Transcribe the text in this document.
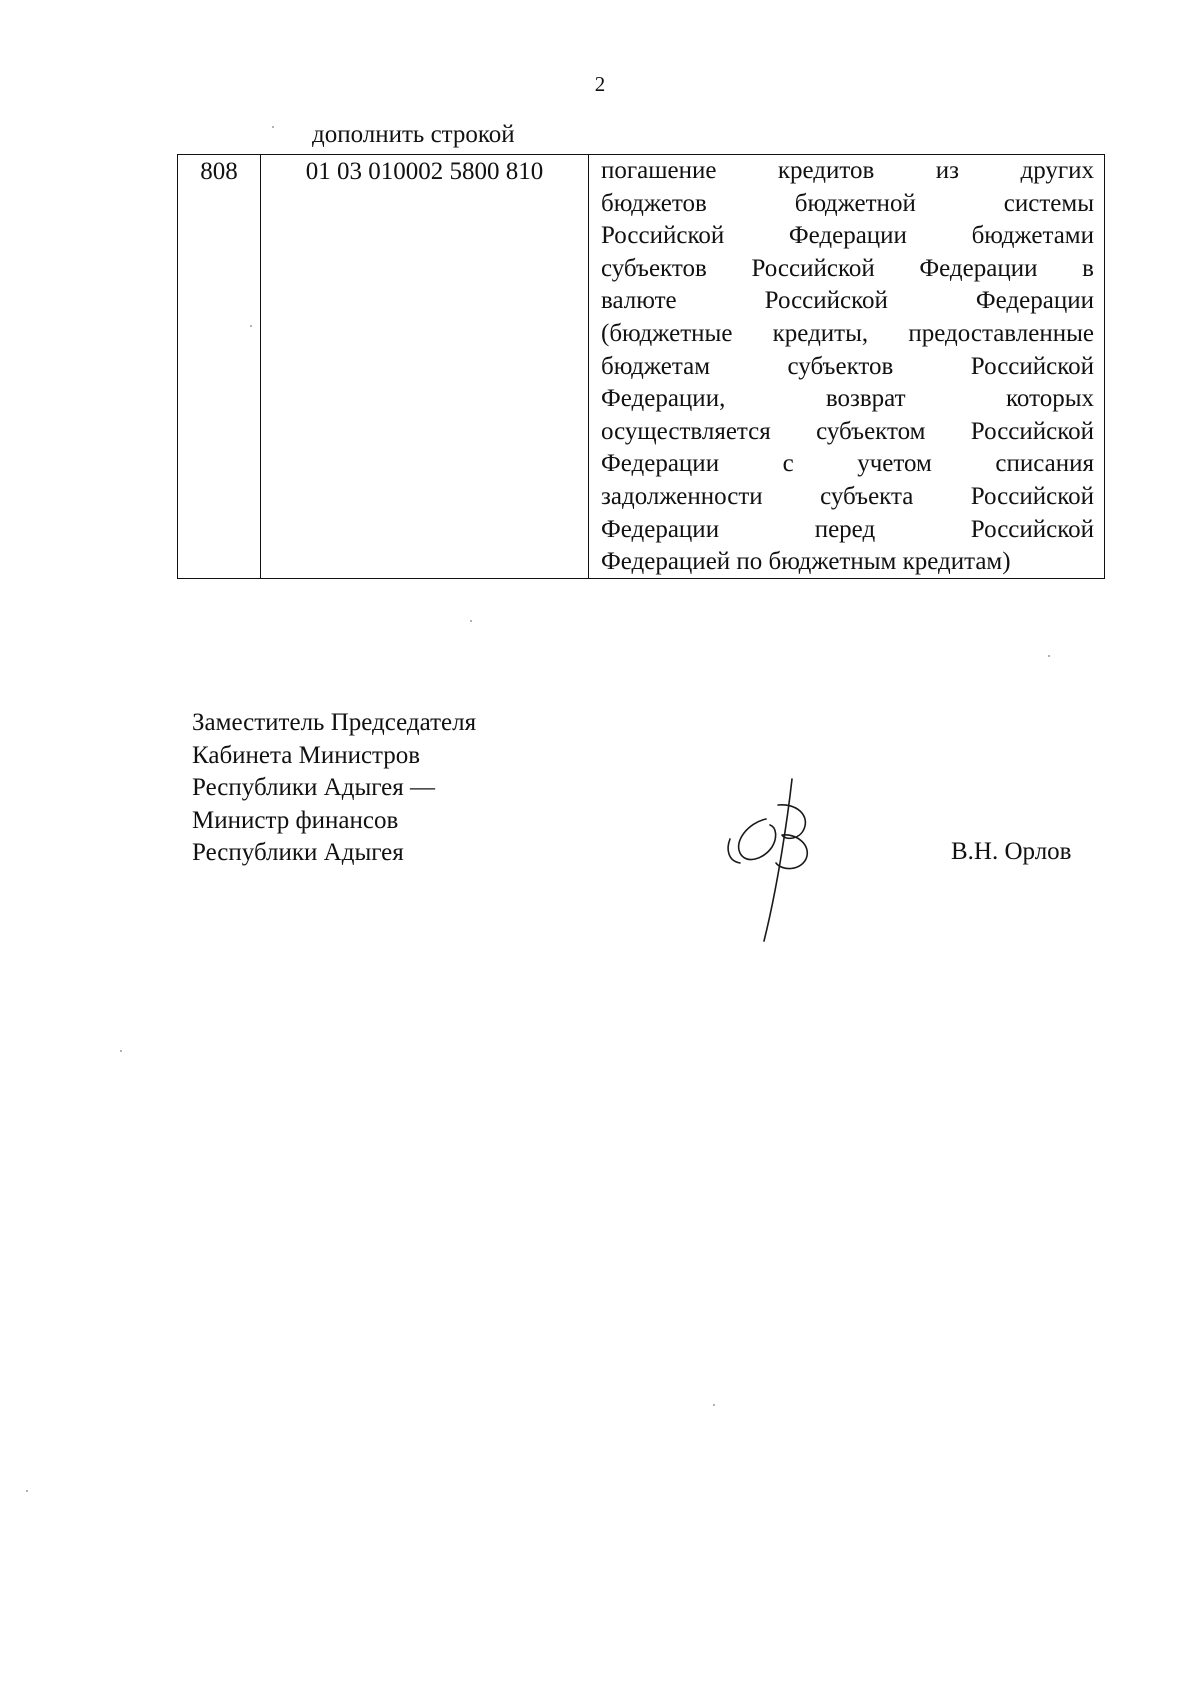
2
дополнить строкой
808	01 03 010002 5800 810	погашение кредитов из других
бюджетов бюджетной системы
Российской Федерации бюджетами
субъектов Российской Федерации в
валюте Российской Федерации
(бюджетные кредиты, предоставленные
бюджетам субъектов Российской
Федерации, возврат которых
осуществляется субъектом Российской
Федерации с учетом списания
задолженности субъекта Российской
Федерации перед Российской
Федерацией по бюджетным кредитам)
Заместитель Председателя
Кабинета Министров
Республики Адыгея —
Министр финансов
Республики Адыгея	В.Н. Орлов
